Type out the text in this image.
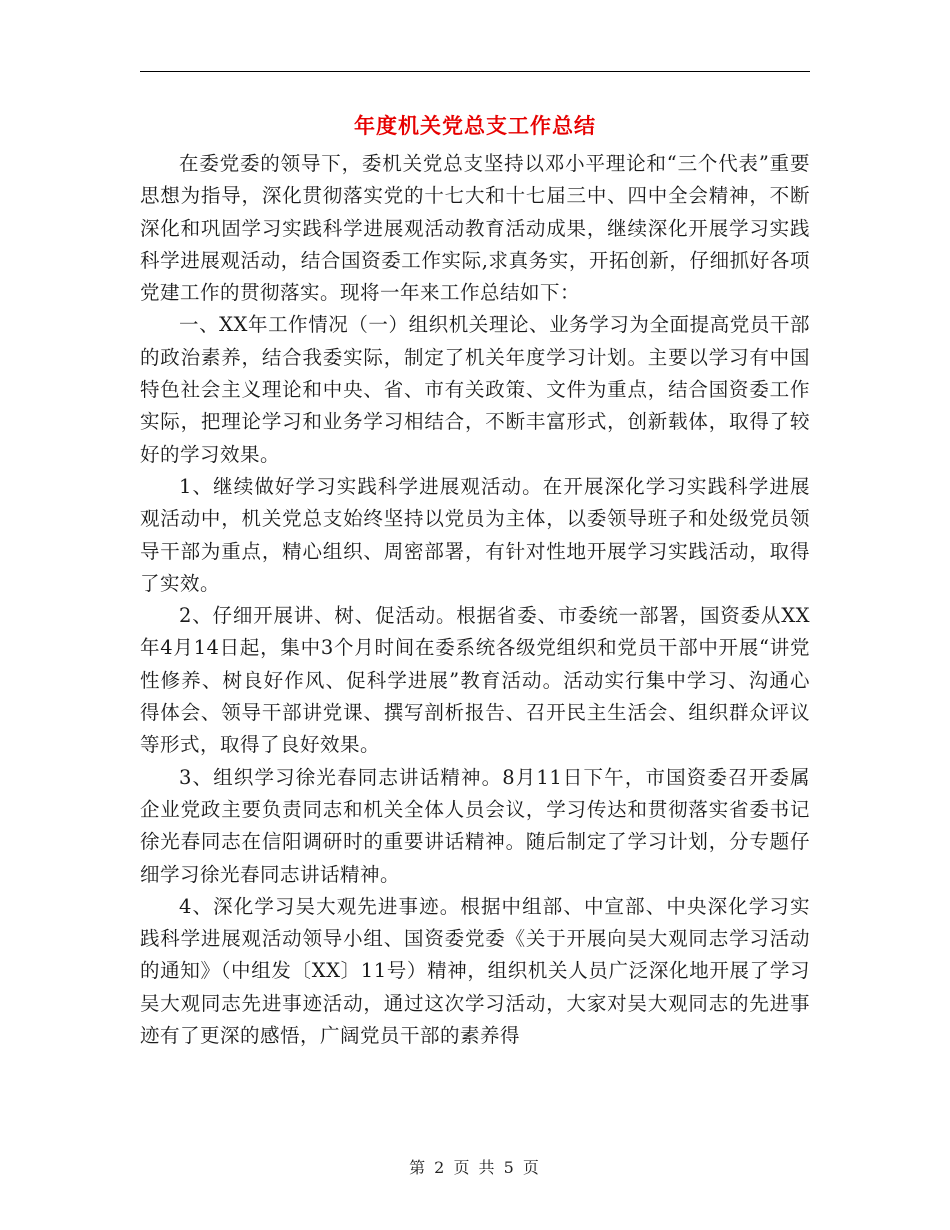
年度机关党总支工作总结

在委党委的领导下，委机关党总支坚持以邓小平理论和“三个代表”重要思想为指导，深化贯彻落实党的十七大和十七届三中、四中全会精神，不断深化和巩固学习实践科学进展观活动教育活动成果，继续深化开展学习实践科学进展观活动，结合国资委工作实际,求真务实，开拓创新，仔细抓好各项党建工作的贯彻落实。现将一年来工作总结如下：

一、XX年工作情况（一）组织机关理论、业务学习为全面提高党员干部的政治素养，结合我委实际，制定了机关年度学习计划。主要以学习有中国特色社会主义理论和中央、省、市有关政策、文件为重点，结合国资委工作实际，把理论学习和业务学习相结合，不断丰富形式，创新载体，取得了较好的学习效果。

1、继续做好学习实践科学进展观活动。在开展深化学习实践科学进展观活动中，机关党总支始终坚持以党员为主体，以委领导班子和处级党员领导干部为重点，精心组织、周密部署，有针对性地开展学习实践活动，取得了实效。

2、仔细开展讲、树、促活动。根据省委、市委统一部署，国资委从XX年4月14日起，集中3个月时间在委系统各级党组织和党员干部中开展“讲党性修养、树良好作风、促科学进展”教育活动。活动实行集中学习、沟通心得体会、领导干部讲党课、撰写剖析报告、召开民主生活会、组织群众评议等形式，取得了良好效果。

3、组织学习徐光春同志讲话精神。8月11日下午，市国资委召开委属企业党政主要负责同志和机关全体人员会议，学习传达和贯彻落实省委书记徐光春同志在信阳调研时的重要讲话精神。随后制定了学习计划，分专题仔细学习徐光春同志讲话精神。

4、深化学习吴大观先进事迹。根据中组部、中宣部、中央深化学习实践科学进展观活动领导小组、国资委党委《关于开展向吴大观同志学习活动的通知》（中组发〔XX〕11号）精神，组织机关人员广泛深化地开展了学习吴大观同志先进事迹活动，通过这次学习活动，大家对吴大观同志的先进事迹有了更深的感悟，广阔党员干部的素养得

第 2 页 共 5 页
